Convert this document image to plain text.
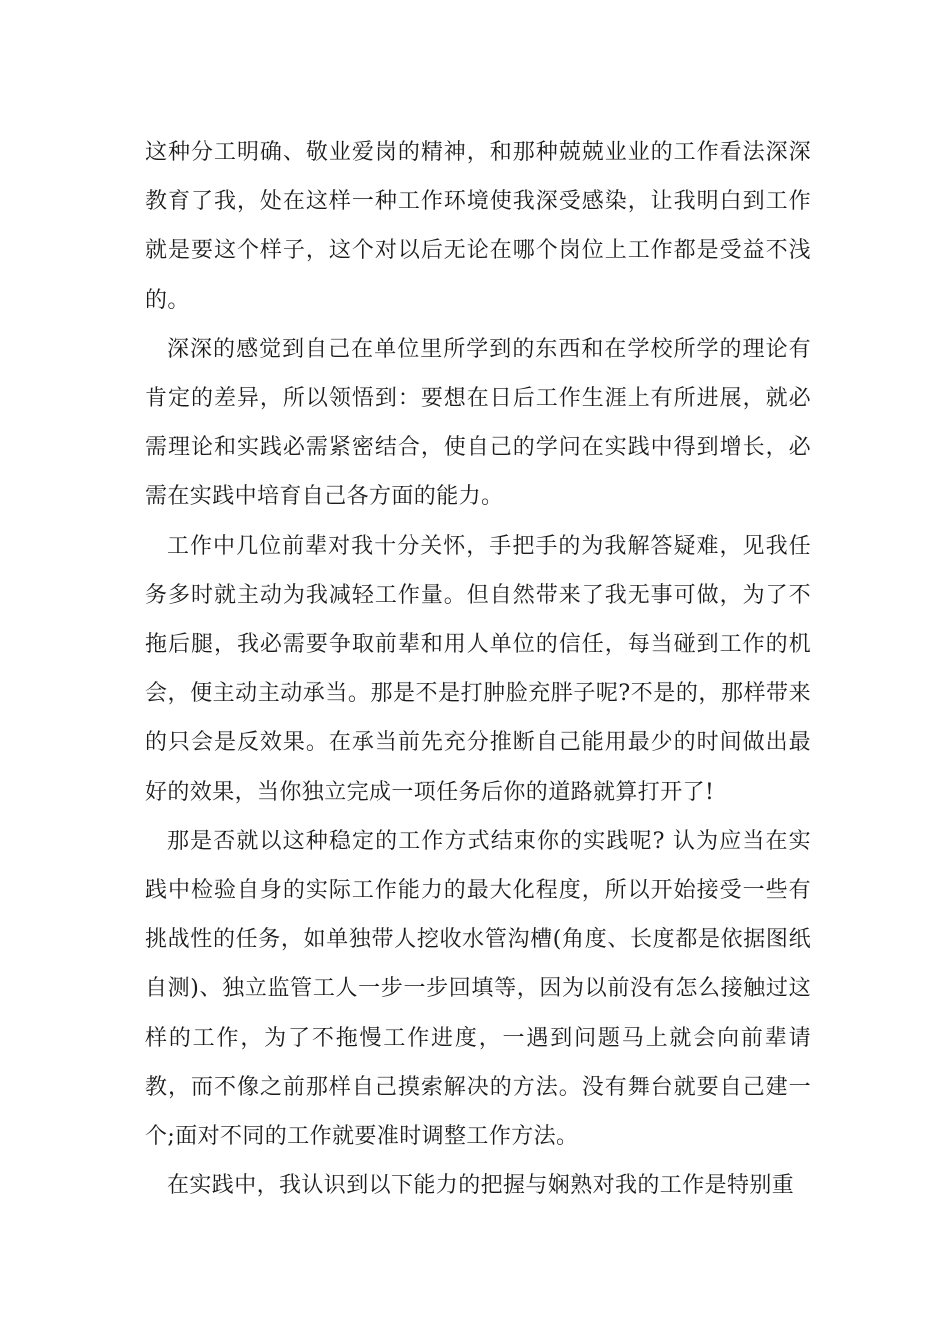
这种分工明确、敬业爱岗的精神，和那种兢兢业业的工作看法深深教育了我，处在这样一种工作环境使我深受感染，让我明白到工作就是要这个样子，这个对以后无论在哪个岗位上工作都是受益不浅的。

深深的感觉到自己在单位里所学到的东西和在学校所学的理论有肯定的差异，所以领悟到：要想在日后工作生涯上有所进展，就必需理论和实践必需紧密结合，使自己的学问在实践中得到增长，必需在实践中培育自己各方面的能力。

工作中几位前辈对我十分关怀，手把手的为我解答疑难，见我任务多时就主动为我减轻工作量。但自然带来了我无事可做，为了不拖后腿，我必需要争取前辈和用人单位的信任，每当碰到工作的机会，便主动主动承当。那是不是打肿脸充胖子呢?不是的，那样带来的只会是反效果。在承当前先充分推断自己能用最少的时间做出最好的效果，当你独立完成一项任务后你的道路就算打开了!

那是否就以这种稳定的工作方式结束你的实践呢? 认为应当在实践中检验自身的实际工作能力的最大化程度，所以开始接受一些有挑战性的任务，如单独带人挖收水管沟槽(角度、长度都是依据图纸自测)、独立监管工人一步一步回填等，因为以前没有怎么接触过这样的工作，为了不拖慢工作进度，一遇到问题马上就会向前辈请教，而不像之前那样自己摸索解决的方法。没有舞台就要自己建一个;面对不同的工作就要准时调整工作方法。

在实践中，我认识到以下能力的把握与娴熟对我的工作是特别重
